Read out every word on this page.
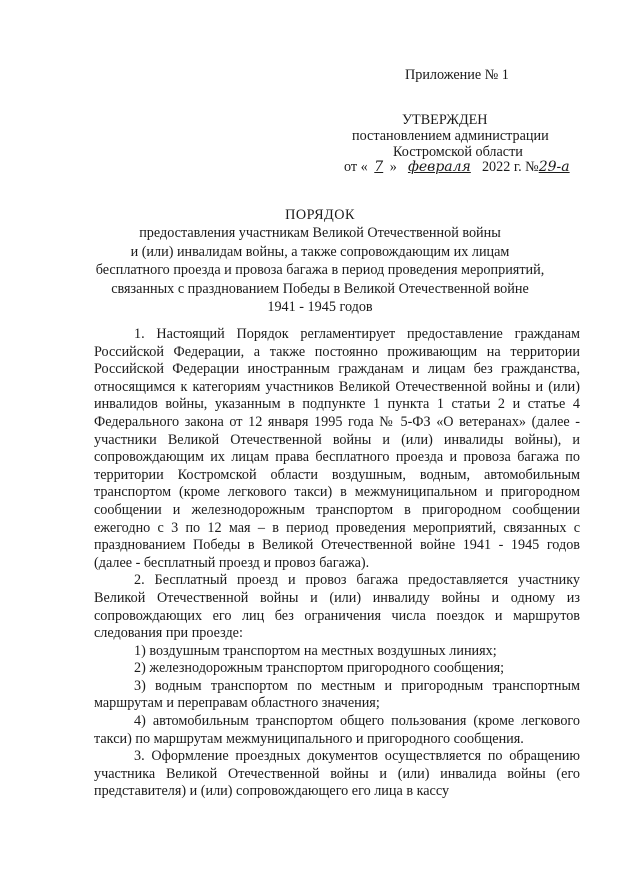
Приложение № 1
УТВЕРЖДЕН
постановлением администрации
Костромской области
от « 7 » февраля 2022 г. №29-а
ПОРЯДОК
предоставления участникам Великой Отечественной войны
и (или) инвалидам войны, а также сопровождающим их лицам
бесплатного проезда и провоза багажа в период проведения мероприятий,
связанных с празднованием Победы в Великой Отечественной войне
1941 - 1945 годов

1. Настоящий Порядок регламентирует предоставление гражданам Российской Федерации, а также постоянно проживающим на территории Российской Федерации иностранным гражданам и лицам без гражданства, относящимся к категориям участников Великой Отечественной войны и (или) инвалидов войны, указанным в подпункте 1 пункта 1 статьи 2 и статье 4 Федерального закона от 12 января 1995 года № 5-ФЗ «О ветеранах» (далее - участники Великой Отечественной войны и (или) инвалиды войны), и сопровождающим их лицам права бесплатного проезда и провоза багажа по территории Костромской области воздушным, водным, автомобильным транспортом (кроме легкового такси) в межмуниципальном и пригородном сообщении и железнодорожным транспортом в пригородном сообщении ежегодно с 3 по 12 мая – в период проведения мероприятий, связанных с празднованием Победы в Великой Отечественной войне 1941 - 1945 годов (далее - бесплатный проезд и провоз багажа).

2. Бесплатный проезд и провоз багажа предоставляется участнику Великой Отечественной войны и (или) инвалиду войны и одному из сопровождающих его лиц без ограничения числа поездок и маршрутов следования при проезде:

1) воздушным транспортом на местных воздушных линиях;

2) железнодорожным транспортом пригородного сообщения;

3) водным транспортом по местным и пригородным транспортным маршрутам и переправам областного значения;

4) автомобильным транспортом общего пользования (кроме легкового такси) по маршрутам межмуниципального и пригородного сообщения.

3. Оформление проездных документов осуществляется по обращению участника Великой Отечественной войны и (или) инвалида войны (его представителя) и (или) сопровождающего его лица в кассу
